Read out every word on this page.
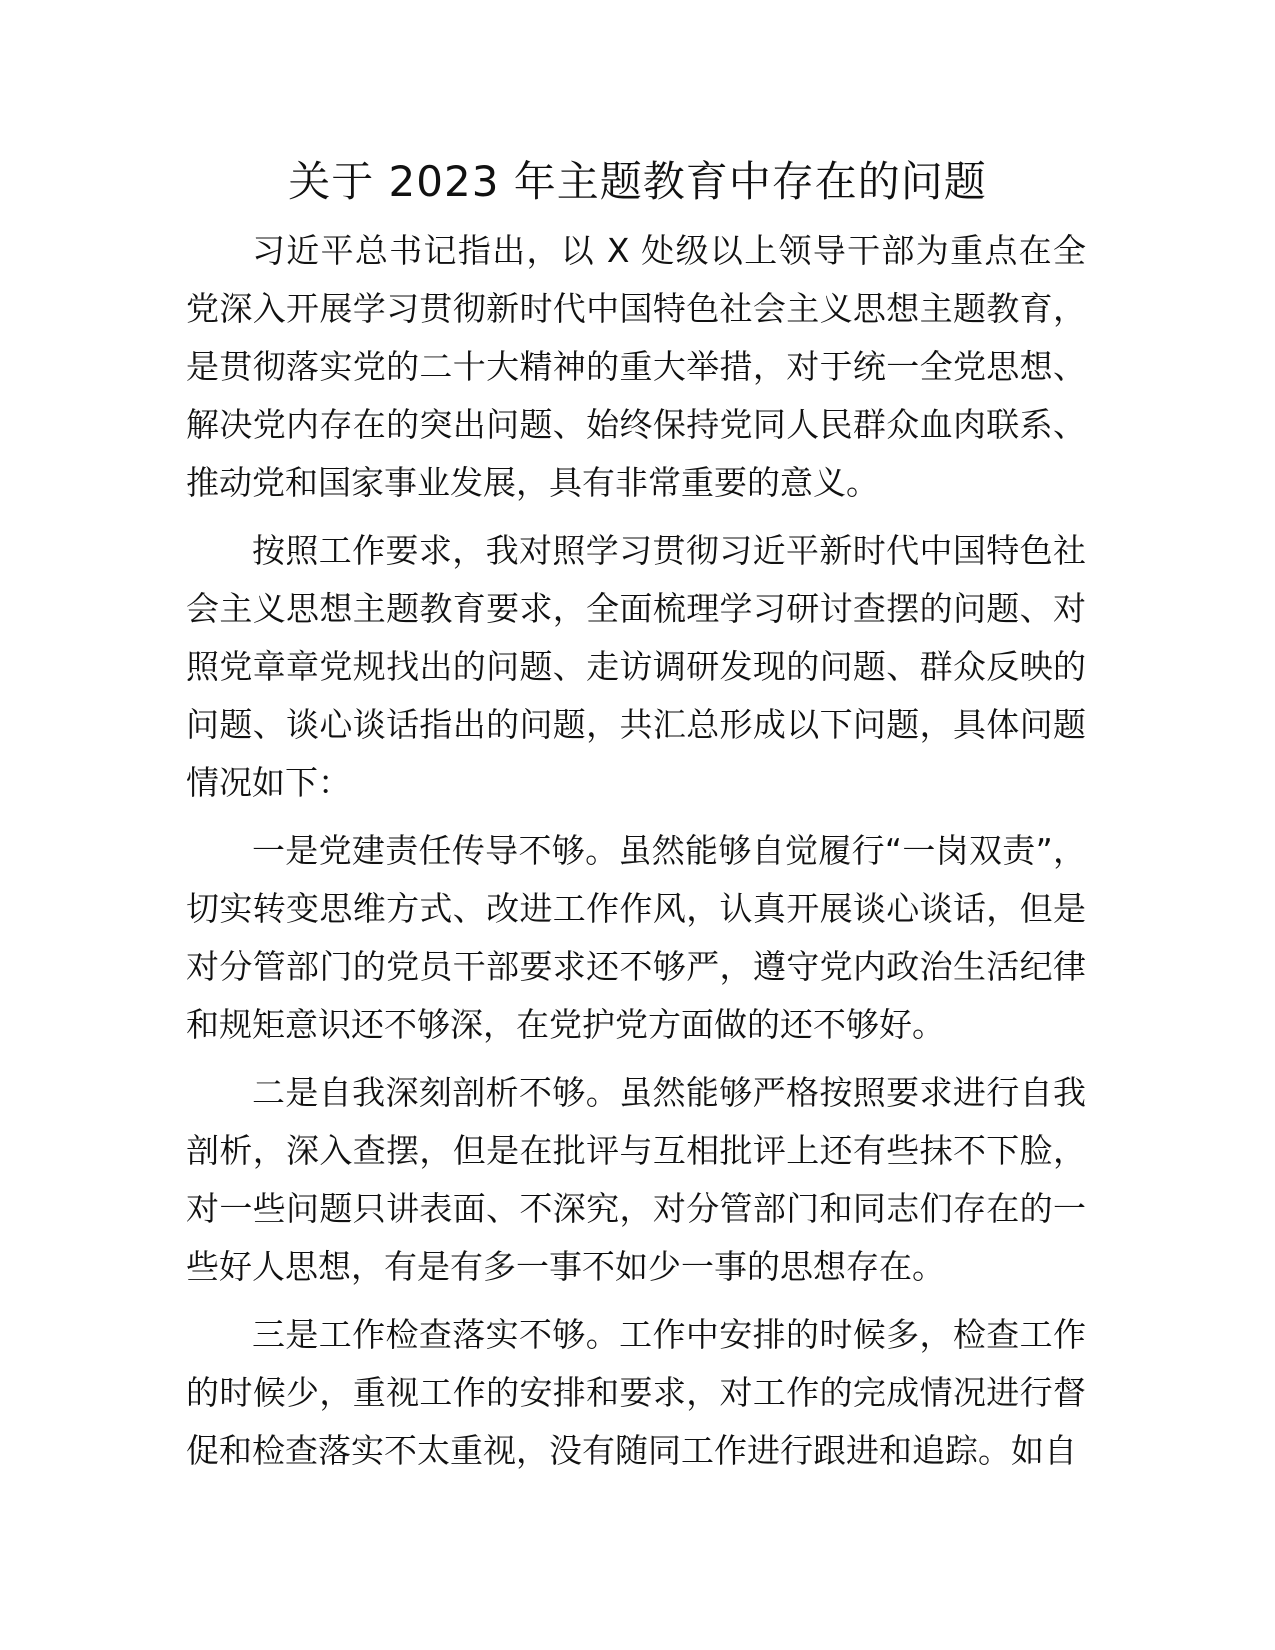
关于 2023 年主题教育中存在的问题

习近平总书记指出，以 X 处级以上领导干部为重点在全党深入开展学习贯彻新时代中国特色社会主义思想主题教育，是贯彻落实党的二十大精神的重大举措，对于统一全党思想、解决党内存在的突出问题、始终保持党同人民群众血肉联系、推动党和国家事业发展，具有非常重要的意义。

按照工作要求，我对照学习贯彻习近平新时代中国特色社会主义思想主题教育要求，全面梳理学习研讨查摆的问题、对照党章章党规找出的问题、走访调研发现的问题、群众反映的问题、谈心谈话指出的问题，共汇总形成以下问题，具体问题情况如下：

一是党建责任传导不够。虽然能够自觉履行“一岗双责”，切实转变思维方式、改进工作作风，认真开展谈心谈话，但是对分管部门的党员干部要求还不够严，遵守党内政治生活纪律和规矩意识还不够深，在党护党方面做的还不够好。

二是自我深刻剖析不够。虽然能够严格按照要求进行自我剖析，深入查摆，但是在批评与互相批评上还有些抹不下脸，对一些问题只讲表面、不深究，对分管部门和同志们存在的一些好人思想，有是有多一事不如少一事的思想存在。

三是工作检查落实不够。工作中安排的时候多，检查工作的时候少，重视工作的安排和要求，对工作的完成情况进行督促和检查落实不太重视，没有随同工作进行跟进和追踪。如自
